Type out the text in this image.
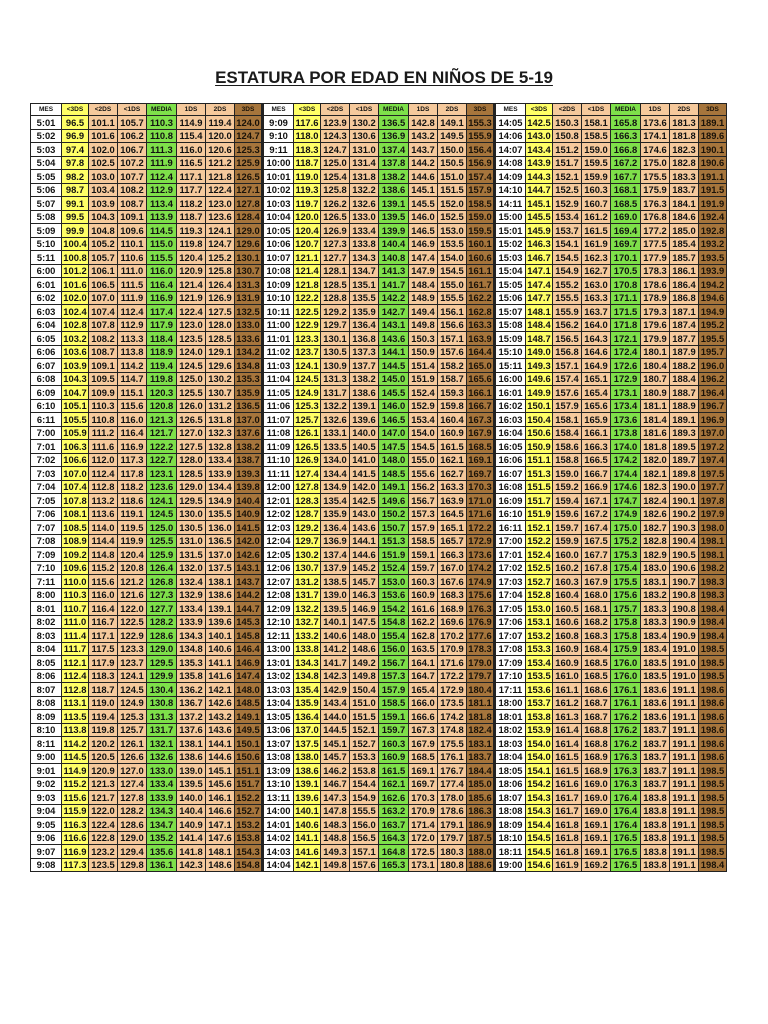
ESTATURA POR EDAD EN NIÑOS DE 5-19
MES	<3DS	<2DS	<1DS	MEDIA	1DS	2DS	3DS	MES	<3DS	<2DS	<1DS	MEDIA	1DS	2DS	3DS	MES	<3DS	<2DS	<1DS	MEDIA	1DS	2DS	3DS
5:01	96.5	101.1	105.7	110.3	114.9	119.4	124.0	9:09	117.6	123.9	130.2	136.5	142.8	149.1	155.3	14:05	142.5	150.3	158.1	165.8	173.6	181.3	189.1
5:02	96.9	101.6	106.2	110.8	115.4	120.0	124.7	9:10	118.0	124.3	130.6	136.9	143.2	149.5	155.9	14:06	143.0	150.8	158.5	166.3	174.1	181.8	189.6
5:03	97.4	102.0	106.7	111.3	116.0	120.6	125.3	9:11	118.3	124.7	131.0	137.4	143.7	150.0	156.4	14:07	143.4	151.2	159.0	166.8	174.6	182.3	190.1
5:04	97.8	102.5	107.2	111.9	116.5	121.2	125.9	10:00	118.7	125.0	131.4	137.8	144.2	150.5	156.9	14:08	143.9	151.7	159.5	167.2	175.0	182.8	190.6
5:05	98.2	103.0	107.7	112.4	117.1	121.8	126.5	10:01	119.0	125.4	131.8	138.2	144.6	151.0	157.4	14:09	144.3	152.1	159.9	167.7	175.5	183.3	191.1
5:06	98.7	103.4	108.2	112.9	117.7	122.4	127.1	10:02	119.3	125.8	132.2	138.6	145.1	151.5	157.9	14:10	144.7	152.5	160.3	168.1	175.9	183.7	191.5
5:07	99.1	103.9	108.7	113.4	118.2	123.0	127.8	10:03	119.7	126.2	132.6	139.1	145.5	152.0	158.5	14:11	145.1	152.9	160.7	168.5	176.3	184.1	191.9
5:08	99.5	104.3	109.1	113.9	118.7	123.6	128.4	10:04	120.0	126.5	133.0	139.5	146.0	152.5	159.0	15:00	145.5	153.4	161.2	169.0	176.8	184.6	192.4
5:09	99.9	104.8	109.6	114.5	119.3	124.1	129.0	10:05	120.4	126.9	133.4	139.9	146.5	153.0	159.5	15:01	145.9	153.7	161.5	169.4	177.2	185.0	192.8
5:10	100.4	105.2	110.1	115.0	119.8	124.7	129.6	10:06	120.7	127.3	133.8	140.4	146.9	153.5	160.1	15:02	146.3	154.1	161.9	169.7	177.5	185.4	193.2
5:11	100.8	105.7	110.6	115.5	120.4	125.2	130.1	10:07	121.1	127.7	134.3	140.8	147.4	154.0	160.6	15:03	146.7	154.5	162.3	170.1	177.9	185.7	193.5
6:00	101.2	106.1	111.0	116.0	120.9	125.8	130.7	10:08	121.4	128.1	134.7	141.3	147.9	154.5	161.1	15:04	147.1	154.9	162.7	170.5	178.3	186.1	193.9
6:01	101.6	106.5	111.5	116.4	121.4	126.4	131.3	10:09	121.8	128.5	135.1	141.7	148.4	155.0	161.7	15:05	147.4	155.2	163.0	170.8	178.6	186.4	194.2
6:02	102.0	107.0	111.9	116.9	121.9	126.9	131.9	10:10	122.2	128.8	135.5	142.2	148.9	155.5	162.2	15:06	147.7	155.5	163.3	171.1	178.9	186.8	194.6
6:03	102.4	107.4	112.4	117.4	122.4	127.5	132.5	10:11	122.5	129.2	135.9	142.7	149.4	156.1	162.8	15:07	148.1	155.9	163.7	171.5	179.3	187.1	194.9
6:04	102.8	107.8	112.9	117.9	123.0	128.0	133.0	11:00	122.9	129.7	136.4	143.1	149.8	156.6	163.3	15:08	148.4	156.2	164.0	171.8	179.6	187.4	195.2
6:05	103.2	108.2	113.3	118.4	123.5	128.5	133.6	11:01	123.3	130.1	136.8	143.6	150.3	157.1	163.9	15:09	148.7	156.5	164.3	172.1	179.9	187.7	195.5
6:06	103.6	108.7	113.8	118.9	124.0	129.1	134.2	11:02	123.7	130.5	137.3	144.1	150.9	157.6	164.4	15:10	149.0	156.8	164.6	172.4	180.1	187.9	195.7
6:07	103.9	109.1	114.2	119.4	124.5	129.6	134.8	11:03	124.1	130.9	137.7	144.5	151.4	158.2	165.0	15:11	149.3	157.1	164.9	172.6	180.4	188.2	196.0
6:08	104.3	109.5	114.7	119.8	125.0	130.2	135.3	11:04	124.5	131.3	138.2	145.0	151.9	158.7	165.6	16:00	149.6	157.4	165.1	172.9	180.7	188.4	196.2
6:09	104.7	109.9	115.1	120.3	125.5	130.7	135.9	11:05	124.9	131.7	138.6	145.5	152.4	159.3	166.1	16:01	149.9	157.6	165.4	173.1	180.9	188.7	196.4
6:10	105.1	110.3	115.6	120.8	126.0	131.2	136.5	11:06	125.3	132.2	139.1	146.0	152.9	159.8	166.7	16:02	150.1	157.9	165.6	173.4	181.1	188.9	196.7
6:11	105.5	110.8	116.0	121.3	126.5	131.8	137.0	11:07	125.7	132.6	139.6	146.5	153.4	160.4	167.3	16:03	150.4	158.1	165.9	173.6	181.4	189.1	196.9
7:00	105.9	111.2	116.4	121.7	127.0	132.3	137.6	11:08	126.1	133.1	140.0	147.0	154.0	160.9	167.9	16:04	150.6	158.4	166.1	173.8	181.6	189.3	197.0
7:01	106.3	111.6	116.9	122.2	127.5	132.8	138.2	11:09	126.5	133.5	140.5	147.5	154.5	161.5	168.5	16:05	150.9	158.6	166.3	174.0	181.8	189.5	197.2
7:02	106.6	112.0	117.3	122.7	128.0	133.4	138.7	11:10	126.9	134.0	141.0	148.0	155.0	162.1	169.1	16:06	151.1	158.8	166.5	174.2	182.0	189.7	197.4
7:03	107.0	112.4	117.8	123.1	128.5	133.9	139.3	11:11	127.4	134.4	141.5	148.5	155.6	162.7	169.7	16:07	151.3	159.0	166.7	174.4	182.1	189.8	197.5
7:04	107.4	112.8	118.2	123.6	129.0	134.4	139.8	12:00	127.8	134.9	142.0	149.1	156.2	163.3	170.3	16:08	151.5	159.2	166.9	174.6	182.3	190.0	197.7
7:05	107.8	113.2	118.6	124.1	129.5	134.9	140.4	12:01	128.3	135.4	142.5	149.6	156.7	163.9	171.0	16:09	151.7	159.4	167.1	174.7	182.4	190.1	197.8
7:06	108.1	113.6	119.1	124.5	130.0	135.5	140.9	12:02	128.7	135.9	143.0	150.2	157.3	164.5	171.6	16:10	151.9	159.6	167.2	174.9	182.6	190.2	197.9
7:07	108.5	114.0	119.5	125.0	130.5	136.0	141.5	12:03	129.2	136.4	143.6	150.7	157.9	165.1	172.2	16:11	152.1	159.7	167.4	175.0	182.7	190.3	198.0
7:08	108.9	114.4	119.9	125.5	131.0	136.5	142.0	12:04	129.7	136.9	144.1	151.3	158.5	165.7	172.9	17:00	152.2	159.9	167.5	175.2	182.8	190.4	198.1
7:09	109.2	114.8	120.4	125.9	131.5	137.0	142.6	12:05	130.2	137.4	144.6	151.9	159.1	166.3	173.6	17:01	152.4	160.0	167.7	175.3	182.9	190.5	198.1
7:10	109.6	115.2	120.8	126.4	132.0	137.5	143.1	12:06	130.7	137.9	145.2	152.4	159.7	167.0	174.2	17:02	152.5	160.2	167.8	175.4	183.0	190.6	198.2
7:11	110.0	115.6	121.2	126.8	132.4	138.1	143.7	12:07	131.2	138.5	145.7	153.0	160.3	167.6	174.9	17:03	152.7	160.3	167.9	175.5	183.1	190.7	198.3
8:00	110.3	116.0	121.6	127.3	132.9	138.6	144.2	12:08	131.7	139.0	146.3	153.6	160.9	168.3	175.6	17:04	152.8	160.4	168.0	175.6	183.2	190.8	198.3
8:01	110.7	116.4	122.0	127.7	133.4	139.1	144.7	12:09	132.2	139.5	146.9	154.2	161.6	168.9	176.3	17:05	153.0	160.5	168.1	175.7	183.3	190.8	198.4
8:02	111.0	116.7	122.5	128.2	133.9	139.6	145.3	12:10	132.7	140.1	147.5	154.8	162.2	169.6	176.9	17:06	153.1	160.6	168.2	175.8	183.3	190.9	198.4
8:03	111.4	117.1	122.9	128.6	134.3	140.1	145.8	12:11	133.2	140.6	148.0	155.4	162.8	170.2	177.6	17:07	153.2	160.8	168.3	175.8	183.4	190.9	198.4
8:04	111.7	117.5	123.3	129.0	134.8	140.6	146.4	13:00	133.8	141.2	148.6	156.0	163.5	170.9	178.3	17:08	153.3	160.9	168.4	175.9	183.4	191.0	198.5
8:05	112.1	117.9	123.7	129.5	135.3	141.1	146.9	13:01	134.3	141.7	149.2	156.7	164.1	171.6	179.0	17:09	153.4	160.9	168.5	176.0	183.5	191.0	198.5
8:06	112.4	118.3	124.1	129.9	135.8	141.6	147.4	13:02	134.8	142.3	149.8	157.3	164.7	172.2	179.7	17:10	153.5	161.0	168.5	176.0	183.5	191.0	198.5
8:07	112.8	118.7	124.5	130.4	136.2	142.1	148.0	13:03	135.4	142.9	150.4	157.9	165.4	172.9	180.4	17:11	153.6	161.1	168.6	176.1	183.6	191.1	198.6
8:08	113.1	119.0	124.9	130.8	136.7	142.6	148.5	13:04	135.9	143.4	151.0	158.5	166.0	173.5	181.1	18:00	153.7	161.2	168.7	176.1	183.6	191.1	198.6
8:09	113.5	119.4	125.3	131.3	137.2	143.2	149.1	13:05	136.4	144.0	151.5	159.1	166.6	174.2	181.8	18:01	153.8	161.3	168.7	176.2	183.6	191.1	198.6
8:10	113.8	119.8	125.7	131.7	137.6	143.6	149.5	13:06	137.0	144.5	152.1	159.7	167.3	174.8	182.4	18:02	153.9	161.4	168.8	176.2	183.7	191.1	198.6
8:11	114.2	120.2	126.1	132.1	138.1	144.1	150.1	13:07	137.5	145.1	152.7	160.3	167.9	175.5	183.1	18:03	154.0	161.4	168.8	176.2	183.7	191.1	198.6
9:00	114.5	120.5	126.6	132.6	138.6	144.6	150.6	13:08	138.0	145.7	153.3	160.9	168.5	176.1	183.7	18:04	154.0	161.5	168.9	176.3	183.7	191.1	198.6
9:01	114.9	120.9	127.0	133.0	139.0	145.1	151.1	13:09	138.6	146.2	153.8	161.5	169.1	176.7	184.4	18:05	154.1	161.5	168.9	176.3	183.7	191.1	198.5
9:02	115.2	121.3	127.4	133.4	139.5	145.6	151.7	13:10	139.1	146.7	154.4	162.1	169.7	177.4	185.0	18:06	154.2	161.6	169.0	176.3	183.7	191.1	198.5
9:03	115.6	121.7	127.8	133.9	140.0	146.1	152.2	13:11	139.6	147.3	154.9	162.6	170.3	178.0	185.6	18:07	154.3	161.7	169.0	176.4	183.8	191.1	198.5
9:04	115.9	122.0	128.2	134.3	140.4	146.6	152.7	14:00	140.1	147.8	155.5	163.2	170.9	178.6	186.3	18:08	154.3	161.7	169.0	176.4	183.8	191.1	198.5
9:05	116.3	122.4	128.6	134.7	140.9	147.1	153.2	14:01	140.6	148.3	156.0	163.7	171.4	179.1	186.9	18:09	154.4	161.8	169.1	176.4	183.8	191.1	198.5
9:06	116.6	122.8	129.0	135.2	141.4	147.6	153.8	14:02	141.1	148.8	156.5	164.3	172.0	179.7	187.5	18:10	154.5	161.8	169.1	176.5	183.8	191.1	198.5
9:07	116.9	123.2	129.4	135.6	141.8	148.1	154.3	14:03	141.6	149.3	157.1	164.8	172.5	180.3	188.0	18:11	154.5	161.8	169.1	176.5	183.8	191.1	198.5
9:08	117.3	123.5	129.8	136.1	142.3	148.6	154.8	14:04	142.1	149.8	157.6	165.3	173.1	180.8	188.6	19:00	154.6	161.9	169.2	176.5	183.8	191.1	198.4
